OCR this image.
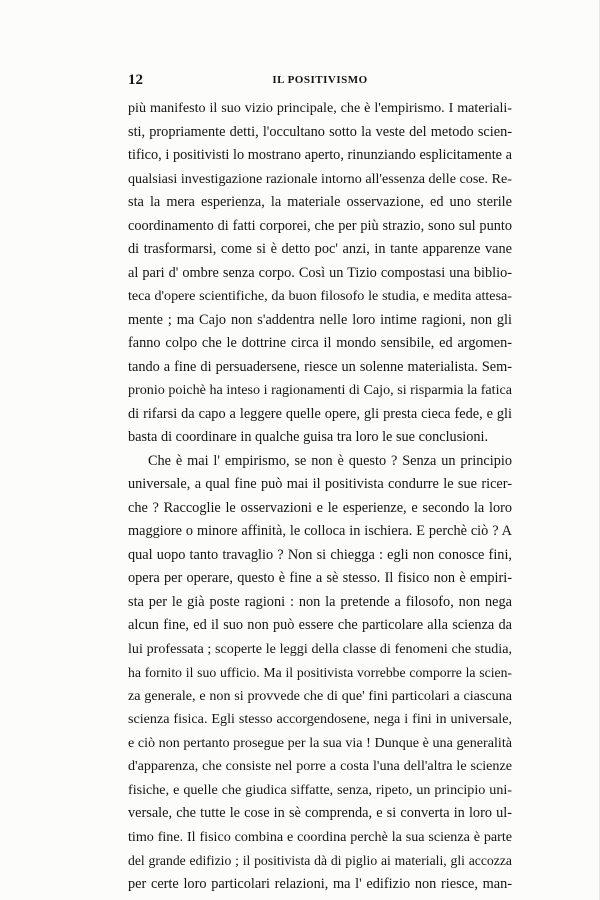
12	IL POSITIVISMO
più manifesto il suo vizio principale, che è l'empirismo. I materiali-
sti, propriamente detti, l'occultano sotto la veste del metodo scien-
tifico, i positivisti lo mostrano aperto, rinunziando esplicitamente a
qualsiasi investigazione razionale intorno all'essenza delle cose. Re-
sta la mera esperienza, la materiale osservazione, ed uno sterile
coordinamento di fatti corporei, che per più strazio, sono sul punto
di trasformarsi, come si è detto poc' anzi, in tante apparenze vane
al pari d' ombre senza corpo. Così un Tizio compostasi una biblio-
teca d'opere scientifiche, da buon filosofo le studia, e medita attesa-
mente ; ma Cajo non s'addentra nelle loro intime ragioni, non gli
fanno colpo che le dottrine circa il mondo sensibile, ed argomen-
tando a fine di persuadersene, riesce un solenne materialista. Sem-
pronio poichè ha inteso i ragionamenti di Cajo, si risparmia la fatica
di rifarsi da capo a leggere quelle opere, gli presta cieca fede, e gli
basta di coordinare in qualche guisa tra loro le sue conclusioni.
Che è mai l' empirismo, se non è questo ? Senza un principio
universale, a qual fine può mai il positivista condurre le sue ricer-
che ? Raccoglie le osservazioni e le esperienze, e secondo la loro
maggiore o minore affinità, le colloca in ischiera. E perchè ciò ? A
qual uopo tanto travaglio ? Non si chiegga : egli non conosce fini,
opera per operare, questo è fine a sè stesso. Il fisico non è empiri-
sta per le già poste ragioni : non la pretende a filosofo, non nega
alcun fine, ed il suo non può essere che particolare alla scienza da
lui professata ; scoperte le leggi della classe di fenomeni che studia,
ha fornito il suo ufficio. Ma il positivista vorrebbe comporre la scien-
za generale, e non si provvede che di que' fini particolari a ciascuna
scienza fisica. Egli stesso accorgendosene, nega i fini in universale,
e ciò non pertanto prosegue per la sua via ! Dunque è una generalità
d'apparenza, che consiste nel porre a costa l'una dell'altra le scienze
fisiche, e quelle che giudica siffatte, senza, ripeto, un principio uni-
versale, che tutte le cose in sè comprenda, e si converta in loro ul-
timo fine. Il fisico combina e coordina perchè la sua scienza è parte
del grande edifizio ; il positivista dà di piglio ai materiali, gli accozza
per certe loro particolari relazioni, ma l' edifizio non riesce, man-
